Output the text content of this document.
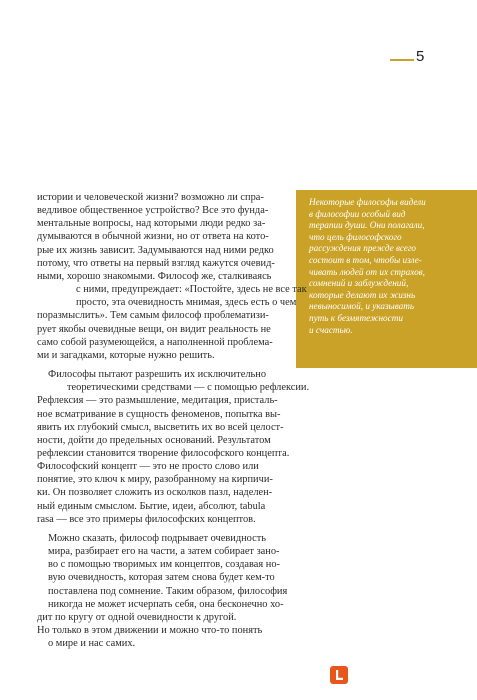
5
Некоторые философы видели
в философии особый вид
терапии души. Они полагали,
что цель философского
рассуждения прежде всего
состоит в том, чтобы изле-
чивать людей от их страхов,
сомнений и заблуждений,
которые делают их жизнь
невыносимой, и указывать
путь к безмятежности
и счастью.
истории и человеческой жизни? возможно ли спра-
ведливое общественное устройство? Все это фунда-
ментальные вопросы, над которыми люди редко за-
думываются в обычной жизни, но от ответа на кото-
рые их жизнь зависит. Задумываются над ними редко
потому, что ответы на первый взгляд кажутся очевид-
ными, хорошо знакомыми. Философ же, сталкиваясь
с ними, предупреждает: «Постойте, здесь не все так
просто, эта очевидность мнимая, здесь есть о чем
поразмыслить». Тем самым философ проблематизи-
рует якобы очевидные вещи, он видит реальность не
само собой разумеющейся, а наполненной проблема-
ми и загадками, которые нужно решить.
Философы пытают разрешить их исключительно
теоретическими средствами — с помощью рефлексии.
Рефлексия — это размышление, медитация, присталь-
ное всматривание в сущность феноменов, попытка вы-
явить их глубокий смысл, высветить их во всей целост-
ности, дойти до предельных оснований. Результатом
рефлексии становится творение философского концепта.
Философский концепт — это не просто слово или
понятие, это ключ к миру, разобранному на кирпичи-
ки. Он позволяет сложить из осколков пазл, наделен-
ный единым смыслом. Бытие, идеи, абсолют, tabula
rasa — все это примеры философских концептов.
Можно сказать, философ подрывает очевидность
мира, разбирает его на части, а затем собирает зано-
во с помощью творимых им концептов, создавая но-
вую очевидность, которая затем снова будет кем-то
поставлена под сомнение. Таким образом, философия
никогда не может исчерпать себя, она бесконечно хо-
дит по кругу от одной очевидности к другой.
Но только в этом движении и можно что-то понять
о мире и нас самих.
